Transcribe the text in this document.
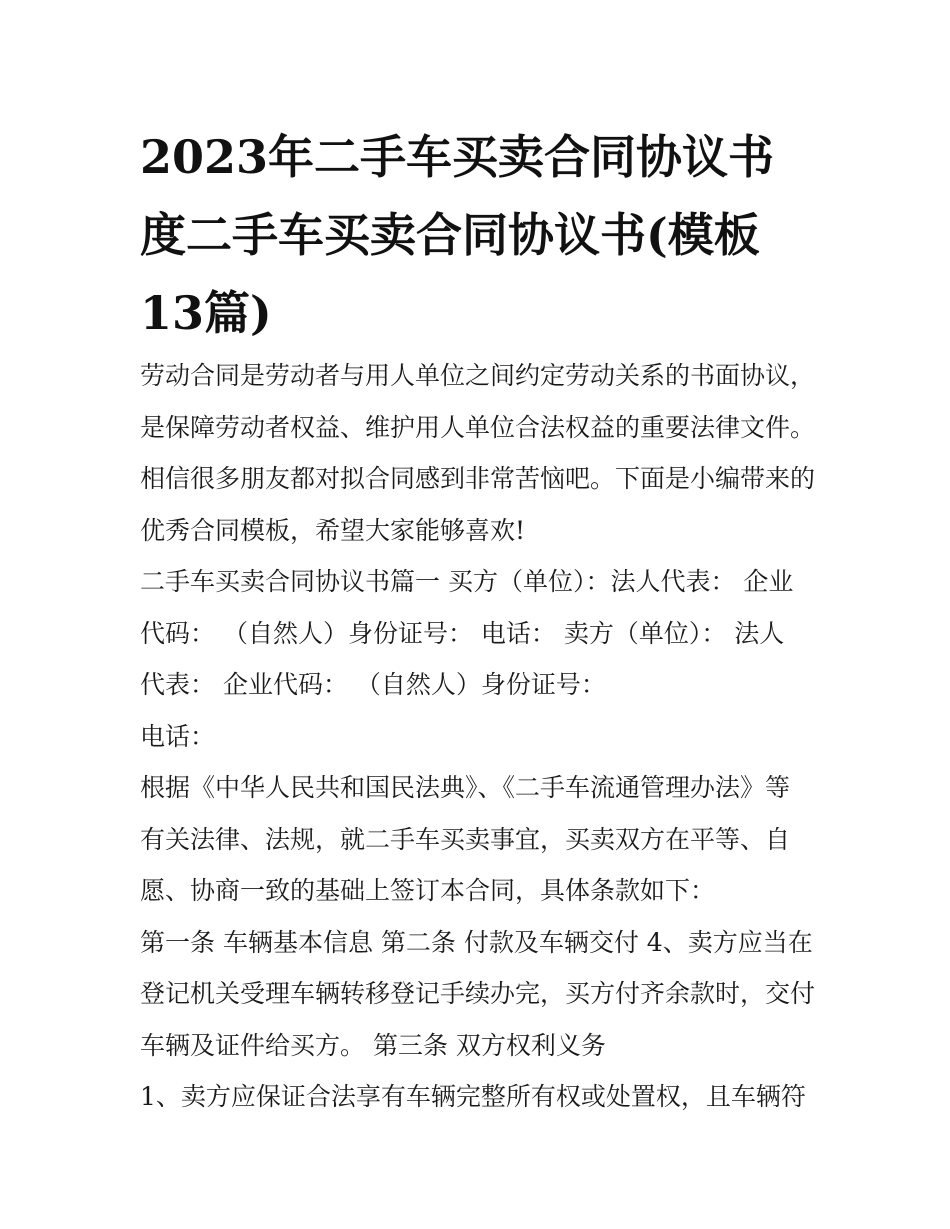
2023年二手车买卖合同协议书
度二手车买卖合同协议书(模板
13篇)
劳动合同是劳动者与用人单位之间约定劳动关系的书面协议，
是保障劳动者权益、维护用人单位合法权益的重要法律文件。
相信很多朋友都对拟合同感到非常苦恼吧。下面是小编带来的
优秀合同模板，希望大家能够喜欢!
二手车买卖合同协议书篇一 买方（单位）：法人代表： 企业
代码： （自然人）身份证号： 电话： 卖方（单位）： 法人
代表： 企业代码： （自然人）身份证号：
电话：
根据《中华人民共和国民法典》、《二手车流通管理办法》等
有关法律、法规，就二手车买卖事宜，买卖双方在平等、自
愿、协商一致的基础上签订本合同，具体条款如下：
第一条 车辆基本信息 第二条 付款及车辆交付 4、卖方应当在
登记机关受理车辆转移登记手续办完，买方付齐余款时，交付
车辆及证件给买方。 第三条 双方权利义务
1、卖方应保证合法享有车辆完整所有权或处置权，且车辆符
